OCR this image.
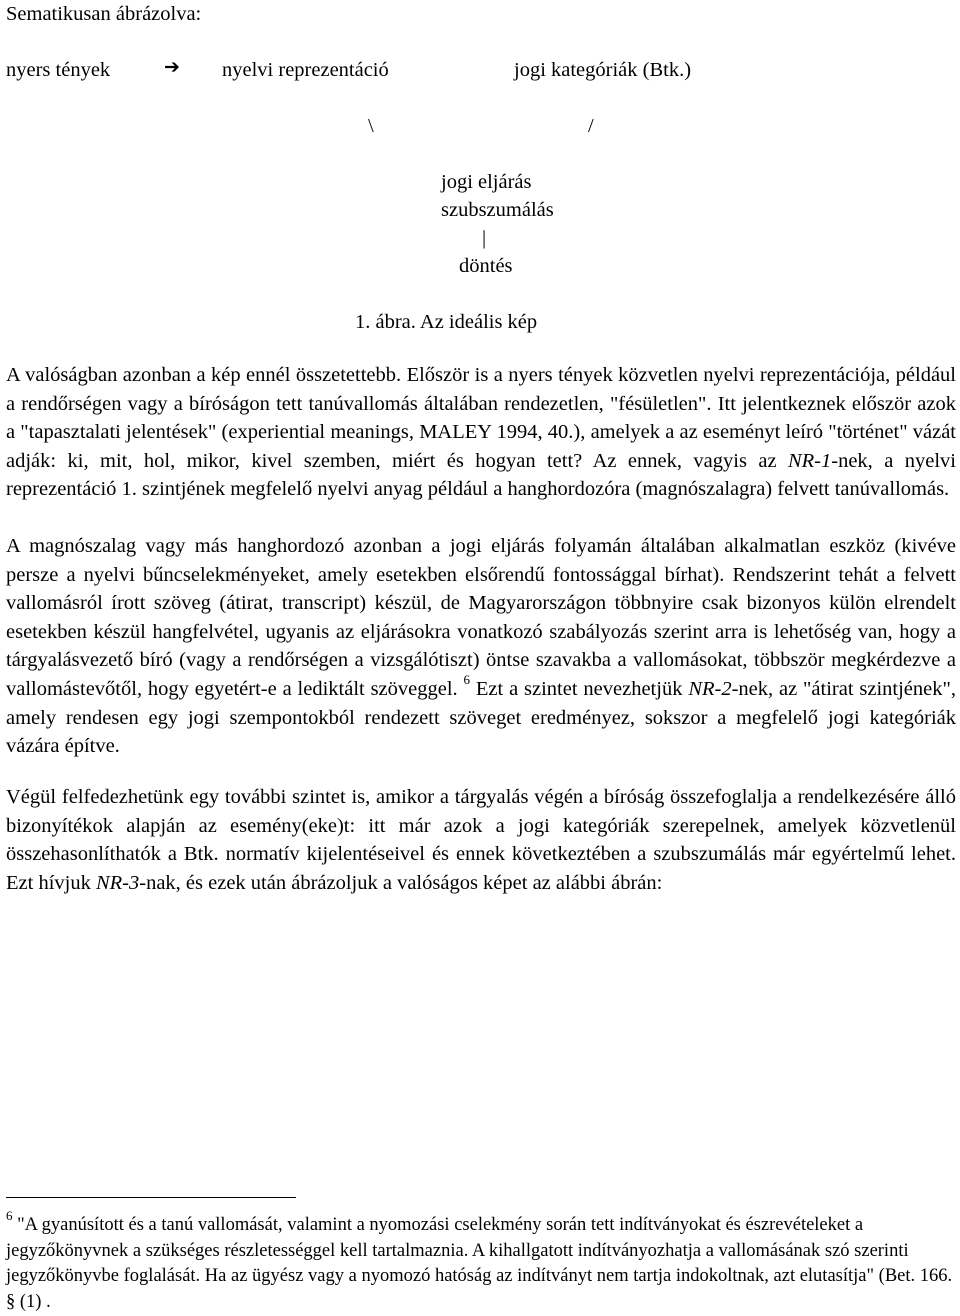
Sematikusan ábrázolva:
nyers tények	➔ nyelvi reprezentáció	jogi kategóriák (Btk.)
\	/
jogi eljárás
szubszumálás
|
döntés
1. ábra. Az ideális kép
A valóságban azonban a kép ennél összetettebb. Először is a nyers tények közvetlen nyelvi reprezentációja, például a rendőrségen vagy a bíróságon tett tanúvallomás általában rendezetlen, "fésületlen". Itt jelentkeznek először azok a "tapasztalati jelentések" (experiential meanings, MALEY 1994, 40.), amelyek a az eseményt leíró "történet" vázát adják: ki, mit, hol, mikor, kivel szemben, miért és hogyan tett? Az ennek, vagyis az NR-1-nek, a nyelvi reprezentáció 1. szintjének megfelelő nyelvi anyag például a hanghordozóra (magnószalagra) felvett tanúvallomás.
A magnószalag vagy más hanghordozó azonban a jogi eljárás folyamán általában alkalmatlan eszköz (kivéve persze a nyelvi bűncselekményeket, amely esetekben elsőrendű fontossággal bírhat). Rendszerint tehát a felvett vallomásról írott szöveg (átirat, transcript) készül, de Magyarországon többnyire csak bizonyos külön elrendelt esetekben készül hangfelvétel, ugyanis az eljárásokra vonatkozó szabályozás szerint arra is lehetőség van, hogy a tárgyalásvezető bíró (vagy a rendőrségen a vizsgálótiszt) öntse szavakba a vallomásokat, többször megkérdezve a vallomástevőtől, hogy egyetért-e a lediktált szöveggel. $^6$ Ezt a szintet nevezhetjük NR-2-nek, az "átirat szintjének", amely rendesen egy jogi szempontokból rendezett szöveget eredményez, sokszor a megfelelő jogi kategóriák vázára építve.
Végül felfedezhetünk egy további szintet is, amikor a tárgyalás végén a bíróság összefoglalja a rendelkezésére álló bizonyítékok alapján az esemény(eke)t: itt már azok a jogi kategóriák szerepelnek, amelyek közvetlenül összehasonlíthatók a Btk. normatív kijelentéseivel és ennek következtében a szubszumálás már egyértelmű lehet. Ezt hívjuk NR-3-nak, és ezek után ábrázoljuk a valóságos képet az alábbi ábrán:
$^6$ "A gyanúsított és a tanú vallomását, valamint a nyomozási cselekmény során tett indítványokat és észrevételeket a jegyzőkönyvnek a szükséges részletességgel kell tartalmaznia. A kihallgatott indítványozhatja a vallomásának szó szerinti jegyzőkönyvbe foglalását. Ha az ügyész vagy a nyomozó hatóság az indítványt nem tartja indokoltnak, azt elutasítja" (Bet. 166. § (1) .
